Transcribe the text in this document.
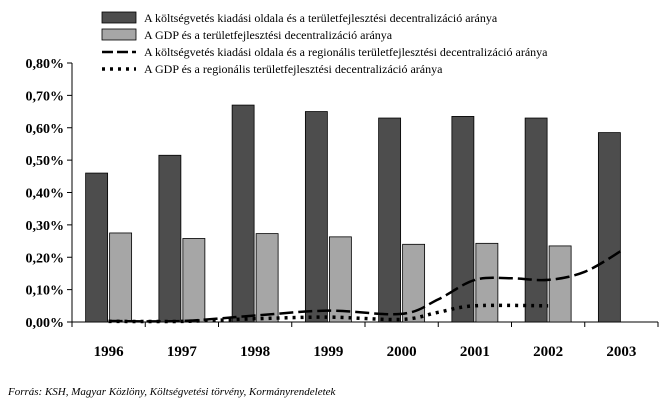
A költségvetés kiadási oldala és a területfejlesztési decentralizáció aránya
A GDP és a területfejlesztési decentralizáció aránya
A költségvetés kiadási oldala és a regionális területfejlesztési decentralizáció aránya
A GDP és a regionális területfejlesztési decentralizáció aránya
0,00%
0,10%
0,20%
0,30%
0,40%
0,50%
0,60%
0,70%
0,80%
1996	1997	1998	1999	2000	2001	2002	2003
Forrás: KSH, Magyar Közlöny, Költségvetési törvény, Kormányrendeletek
